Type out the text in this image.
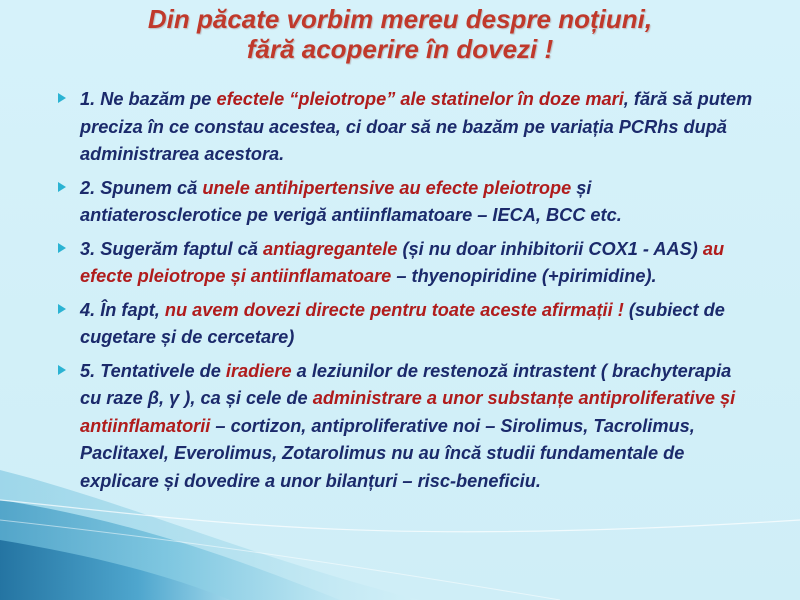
Din păcate vorbim mereu despre noțiuni,
fără acoperire în dovezi !
1. Ne bazăm pe efectele “pleiotrope” ale statinelor în doze mari, fără să putem preciza în ce constau acestea, ci doar să ne bazăm pe variația PCRhs după administrarea acestora.
2. Spunem că unele antihipertensive au efecte pleiotrope și antiaterosclerotice pe verigă antiinflamatoare – IECA, BCC etc.
3. Sugerăm faptul că antiagregantele (și nu doar inhibitorii COX1 - AAS) au efecte pleiotrope și antiinflamatoare – thyenopiridine (+pirimidine).
4. În fapt, nu avem dovezi directe pentru toate aceste afirmații ! (subiect de cugetare și de cercetare)
5. Tentativele de iradiere a leziunilor de restenoză intrastent ( brachyterapia cu raze β, γ ), ca și cele de administrare a unor substanțe antiproliferative și antiinflamatorii – cortizon, antiproliferative noi – Sirolimus, Tacrolimus, Paclitaxel, Everolimus, Zotarolimus nu au încă studii fundamentale de explicare și dovedire a unor bilanțuri – risc-beneficiu.
